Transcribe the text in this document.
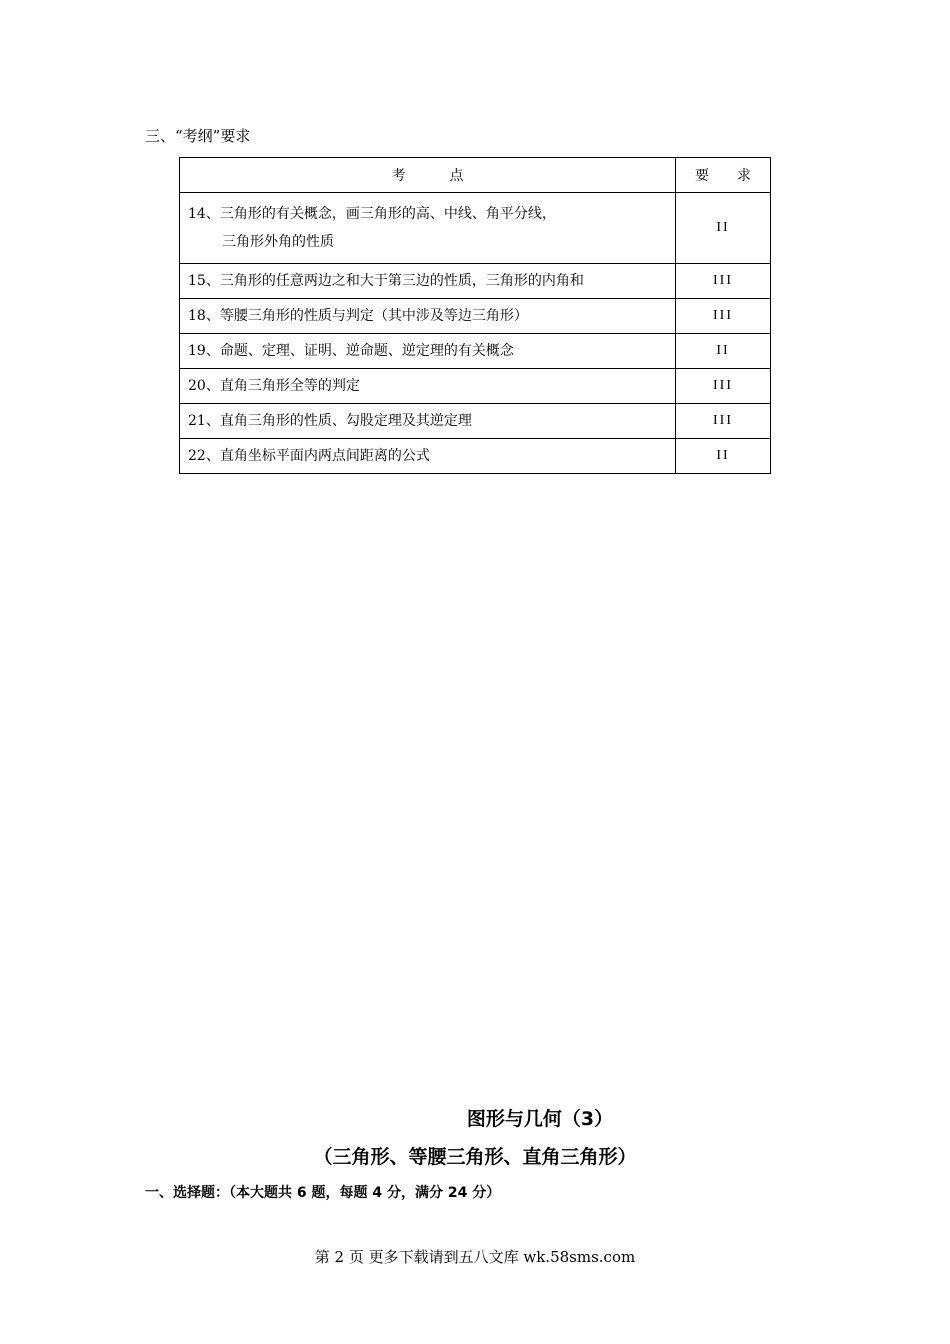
三、“考纲”要求
考 点	要 求
14、三角形的有关概念，画三角形的高、中线、角平分线，
三角形外角的性质	II
15、三角形的任意两边之和大于第三边的性质，三角形的内角和	III
18、等腰三角形的性质与判定（其中涉及等边三角形）	III
19、命题、定理、证明、逆命题、逆定理的有关概念	II
20、直角三角形全等的判定	III
21、直角三角形的性质、勾股定理及其逆定理	III
22、直角坐标平面内两点间距离的公式	II
图形与几何（3）
（三角形、等腰三角形、直角三角形）
一、选择题：（本大题共 6 题，每题 4 分，满分 24 分）
第 2 页 更多下载请到五八文库 wk.58sms.com
